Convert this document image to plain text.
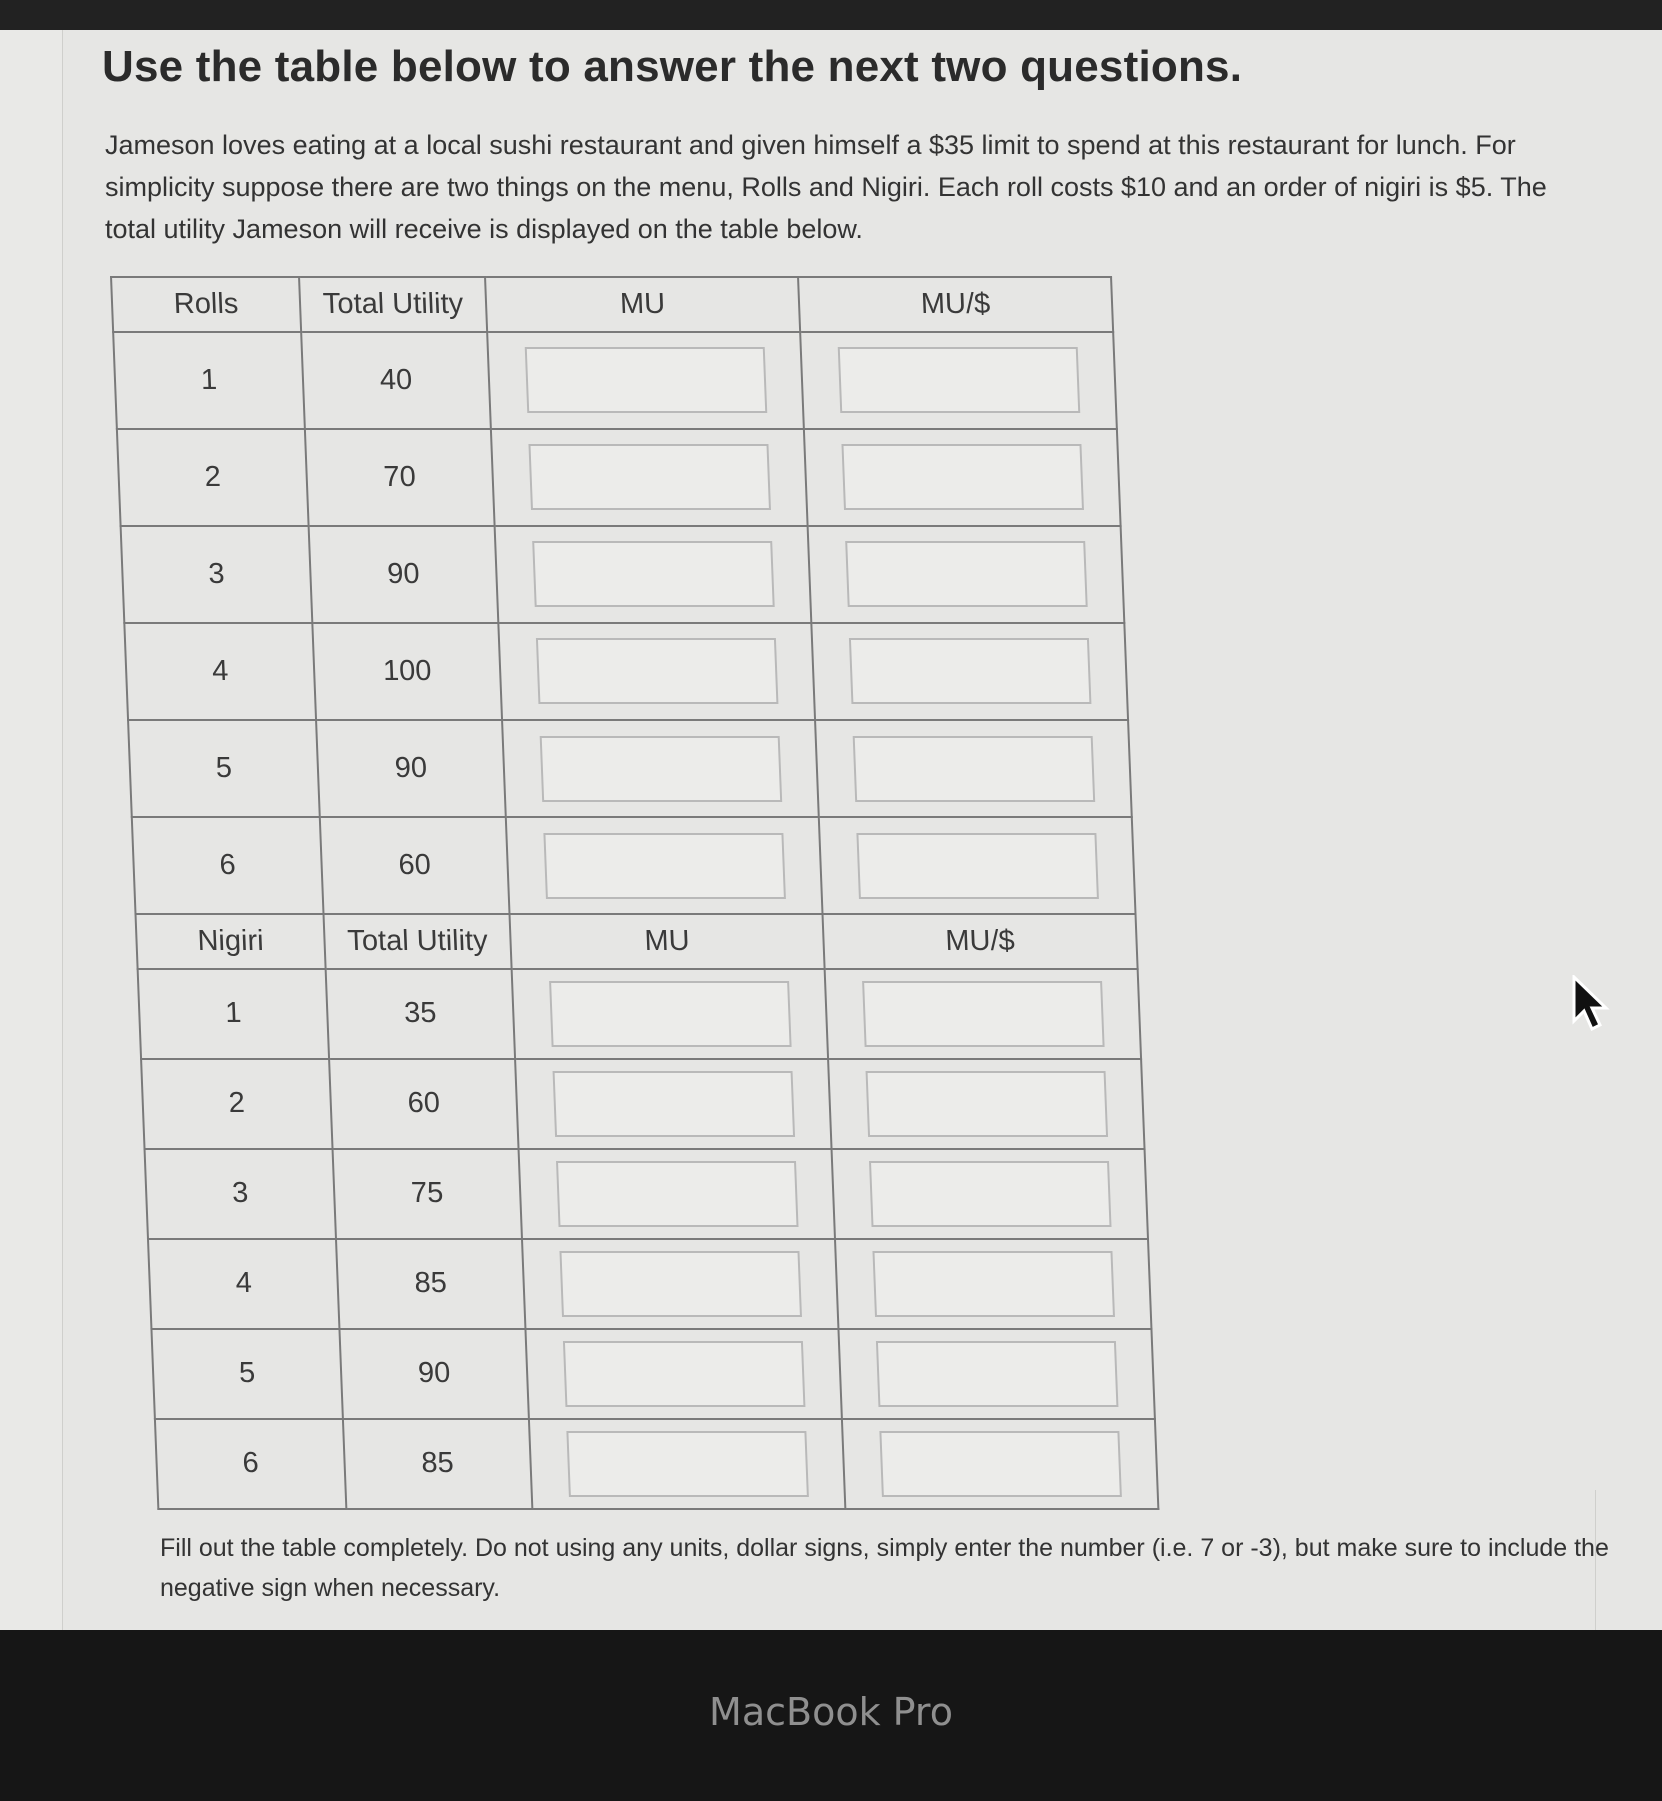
Use the table below to answer the next two questions.
Jameson loves eating at a local sushi restaurant and given himself a $35 limit to spend at this restaurant for lunch. For simplicity suppose there are two things on the menu, Rolls and Nigiri. Each roll costs $10 and an order of nigiri is $5. The total utility Jameson will receive is displayed on the table below.
Rolls	Total Utility	MU	MU/$
1	40	

2	70	

3	90	

4	100	

5	90	

6	60	

Nigiri	Total Utility	MU	MU/$
1	35	

2	60	

3	75	

4	85	

5	90	

6	85	

Fill out the table completely. Do not using any units, dollar signs, simply enter the number (i.e. 7 or -3), but make sure to include the negative sign when necessary.
MacBook Pro
